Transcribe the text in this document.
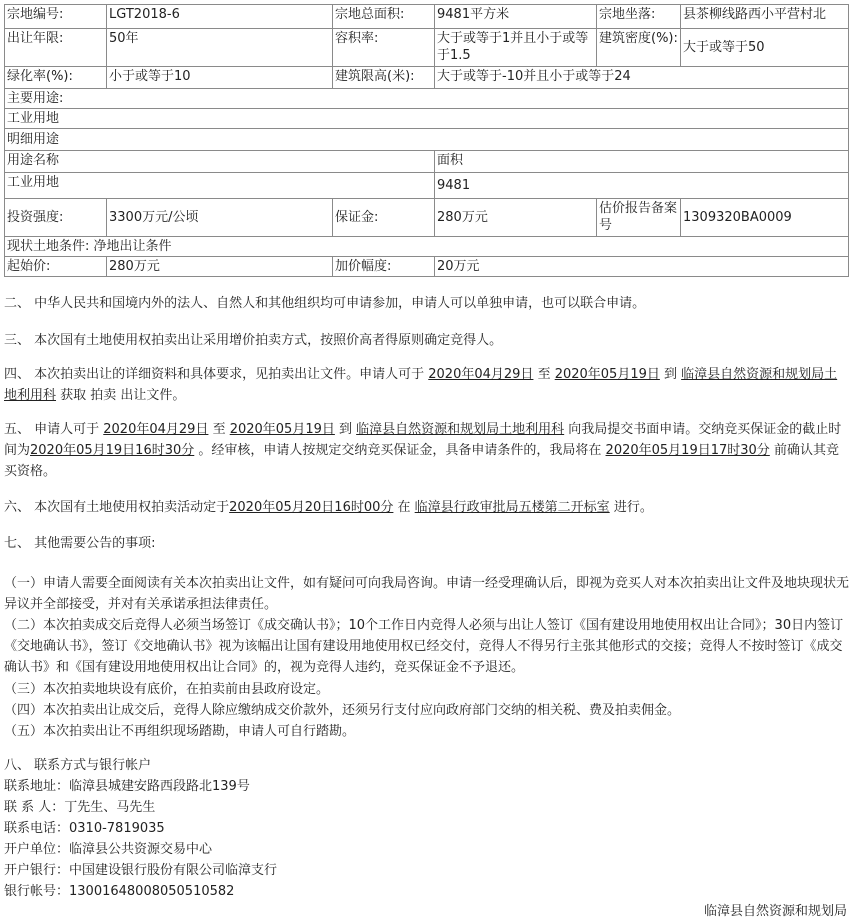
宗地编号:	LGT2018-6	宗地总面积:	9481平方米	宗地坐落:	县茶柳线路西小平营村北
出让年限:	50年	容积率:	大于或等于1并且小于或等于1.5	建筑密度(%):	大于或等于50
绿化率(%):	小于或等于10	建筑限高(米):	大于或等于-10并且小于或等于24		
主要用途:					
工业用地					
明细用途					
用途名称			面积		
工业用地			9481		
投资强度:	3300万元/公顷	保证金:	280万元	估价报告备案号	1309320BA0009
现状土地条件: 净地出让条件					
起始价:	280万元	加价幅度:	20万元		

二、 中华人民共和国境内外的法人、自然人和其他组织均可申请参加，申请人可以单独申请，也可以联合申请。

三、 本次国有土地使用权拍卖出让采用增价拍卖方式，按照价高者得原则确定竞得人。

四、 本次拍卖出让的详细资料和具体要求，见拍卖出让文件。申请人可于 2020年04月29日 至 2020年05月19日 到 临漳县自然资源和规划局土地利用科 获取 拍卖 出让文件。

五、 申请人可于 2020年04月29日 至 2020年05月19日 到 临漳县自然资源和规划局土地利用科 向我局提交书面申请。交纳竞买保证金的截止时间为2020年05月19日16时30分 。经审核，申请人按规定交纳竞买保证金，具备申请条件的，我局将在 2020年05月19日17时30分 前确认其竞买资格。

六、 本次国有土地使用权拍卖活动定于2020年05月20日16时00分 在 临漳县行政审批局五楼第二开标室 进行。

七、 其他需要公告的事项:

（一）申请人需要全面阅读有关本次拍卖出让文件，如有疑问可向我局咨询。申请一经受理确认后，即视为竞买人对本次拍卖出让文件及地块现状无异议并全部接受，并对有关承诺承担法律责任。

（二）本次拍卖成交后竞得人必须当场签订《成交确认书》；10个工作日内竞得人必须与出让人签订《国有建设用地使用权出让合同》；30日内签订《交地确认书》，签订《交地确认书》视为该幅出让国有建设用地使用权已经交付，竞得人不得另行主张其他形式的交接；竞得人不按时签订《成交确认书》和《国有建设用地使用权出让合同》的，视为竞得人违约，竞买保证金不予退还。

（三）本次拍卖地块设有底价，在拍卖前由县政府设定。

（四）本次拍卖出让成交后，竞得人除应缴纳成交价款外，还须另行支付应向政府部门交纳的相关税、费及拍卖佣金。

（五）本次拍卖出让不再组织现场踏勘，申请人可自行踏勘。

八、 联系方式与银行帐户

联系地址：临漳县城建安路西段路北139号

联 系 人：丁先生、马先生

联系电话：0310-7819035

开户单位：临漳县公共资源交易中心

开户银行：中国建设银行股份有限公司临漳支行

银行帐号：13001648008050510582

临漳县自然资源和规划局
